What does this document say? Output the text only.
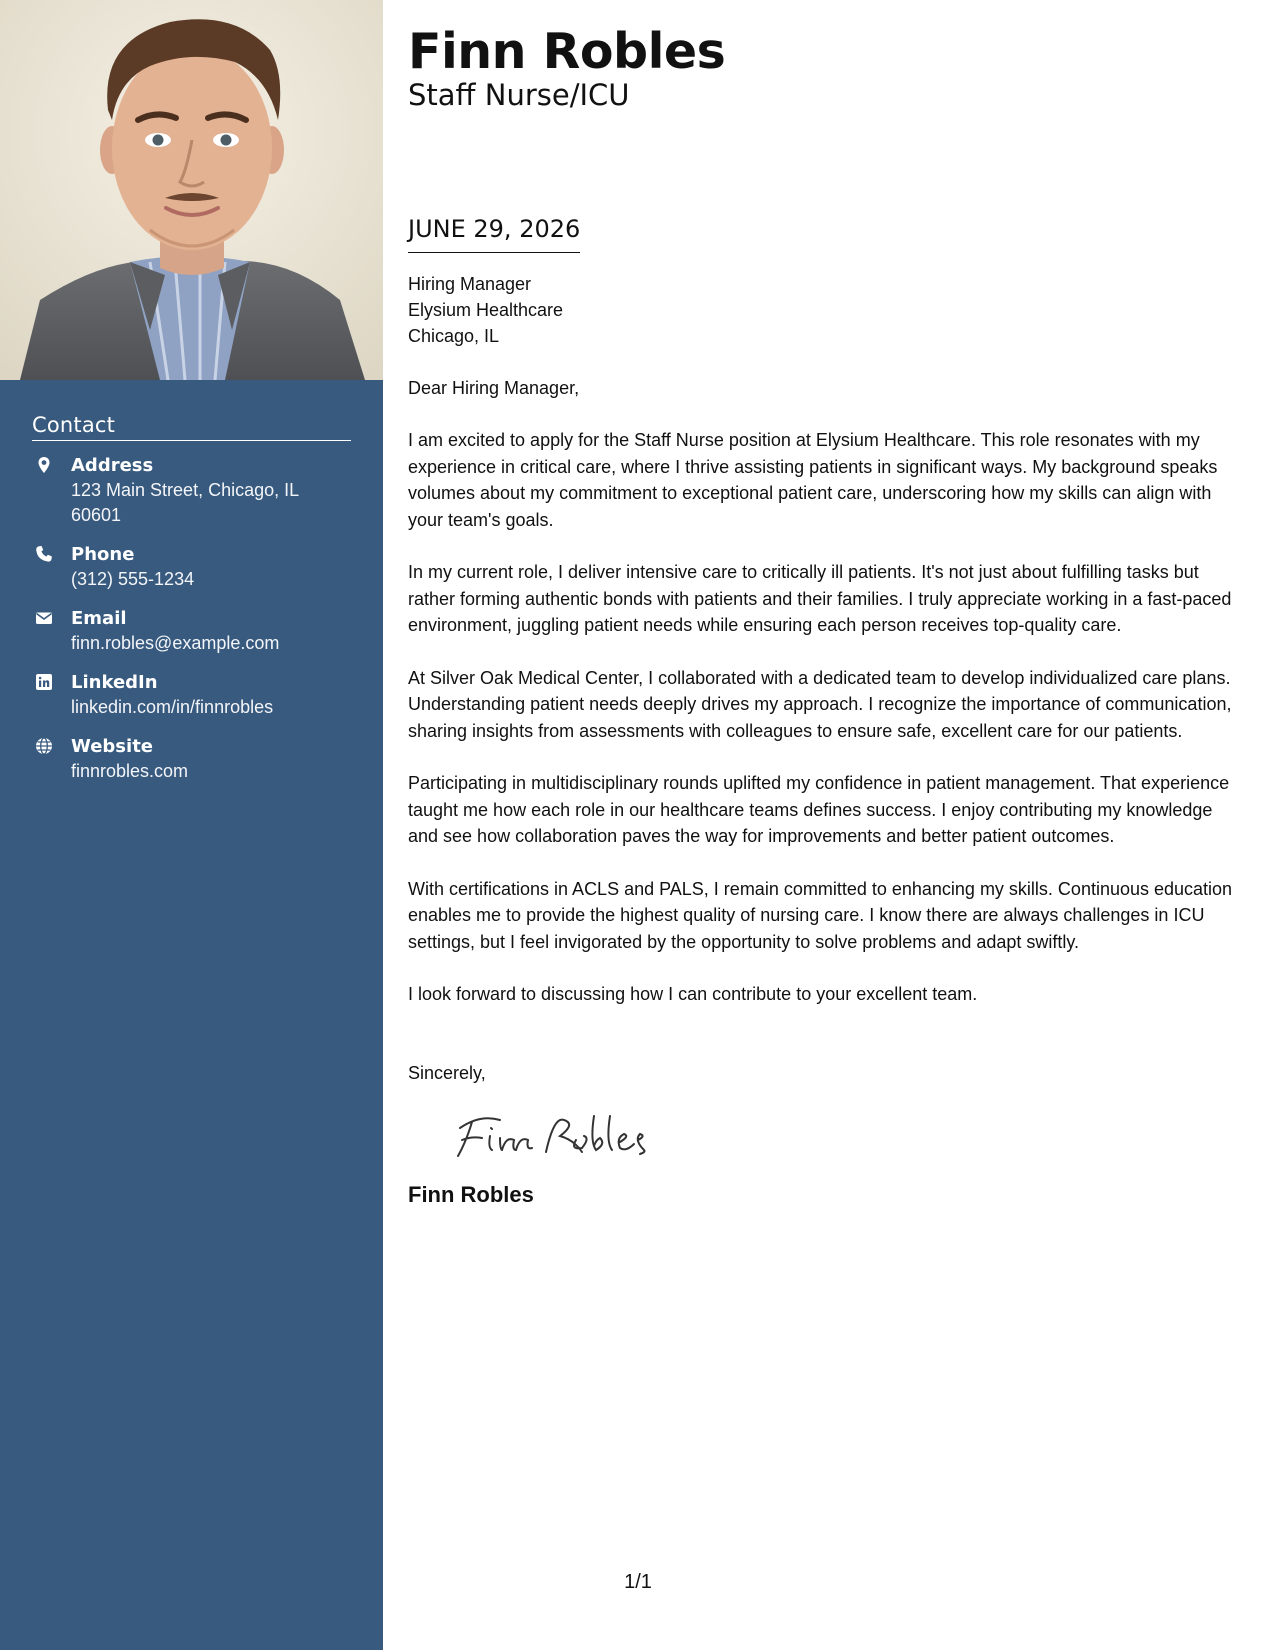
Contact
Address
123 Main Street, Chicago, IL 60601
Phone
(312) 555-1234
Email
finn.robles@example.com
LinkedIn
linkedin.com/in/finnrobles
Website
finnrobles.com
Finn Robles
Staff Nurse/ICU
JUNE 29, 2026
Hiring Manager
Elysium Healthcare
Chicago, IL
Dear Hiring Manager,
I am excited to apply for the Staff Nurse position at Elysium Healthcare. This role resonates with my experience in critical care, where I thrive assisting patients in significant ways. My background speaks volumes about my commitment to exceptional patient care, underscoring how my skills can align with your team's goals.
In my current role, I deliver intensive care to critically ill patients. It's not just about fulfilling tasks but rather forming authentic bonds with patients and their families. I truly appreciate working in a fast-paced environment, juggling patient needs while ensuring each person receives top-quality care.
At Silver Oak Medical Center, I collaborated with a dedicated team to develop individualized care plans. Understanding patient needs deeply drives my approach. I recognize the importance of communication, sharing insights from assessments with colleagues to ensure safe, excellent care for our patients.
Participating in multidisciplinary rounds uplifted my confidence in patient management. That experience taught me how each role in our healthcare teams defines success. I enjoy contributing my knowledge and see how collaboration paves the way for improvements and better patient outcomes.
With certifications in ACLS and PALS, I remain committed to enhancing my skills. Continuous education enables me to provide the highest quality of nursing care. I know there are always challenges in ICU settings, but I feel invigorated by the opportunity to solve problems and adapt swiftly.
I look forward to discussing how I can contribute to your excellent team.
Sincerely,
Finn Robles
1/1
